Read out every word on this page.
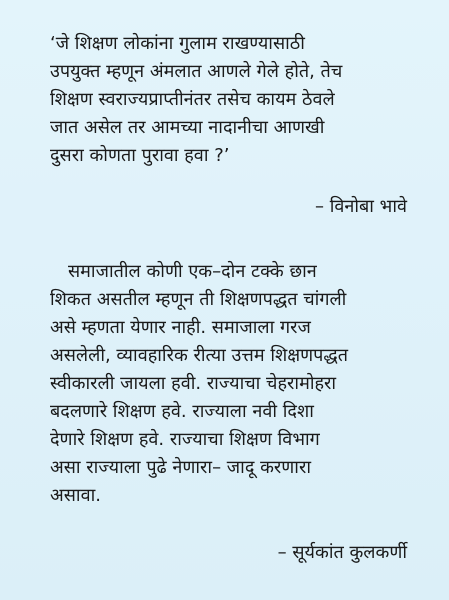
‘जे शिक्षण लोकांना गुलाम राखण्यासाठी
उपयुक्त म्हणून अंमलात आणले गेले होते, तेच
शिक्षण स्वराज्यप्राप्तीनंतर तसेच कायम ठेवले
जात असेल तर आमच्या नादानीचा आणखी
दुसरा कोणता पुरावा हवा ?’
– विनोबा भावे
समाजातील कोणी एक–दोन टक्के छान
शिकत असतील म्हणून ती शिक्षणपद्धत चांगली
असे म्हणता येणार नाही. समाजाला गरज
असलेली, व्यावहारिक रीत्या उत्तम शिक्षणपद्धत
स्वीकारली जायला हवी. राज्याचा चेहरामोहरा
बदलणारे शिक्षण हवे. राज्याला नवी दिशा
देणारे शिक्षण हवे. राज्याचा शिक्षण विभाग
असा राज्याला पुढे नेणारा– जादू करणारा
असावा.
– सूर्यकांत कुलकर्णी
